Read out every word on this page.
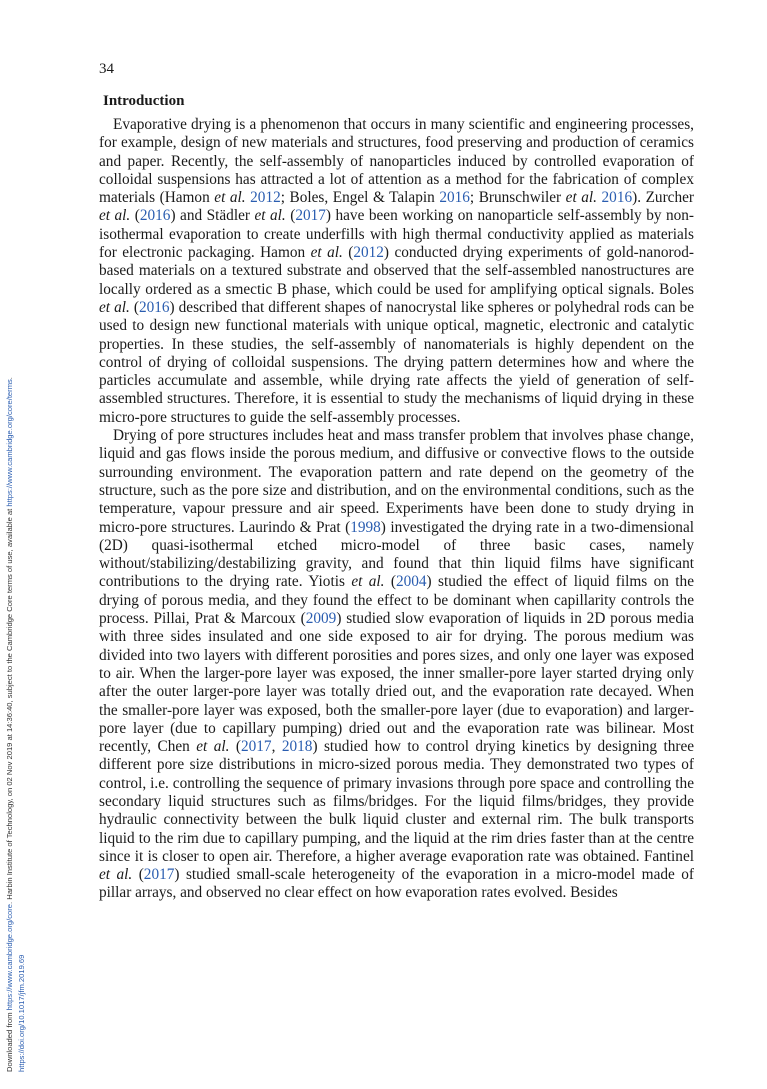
34
Introduction

Evaporative drying is a phenomenon that occurs in many scientific and engineering processes, for example, design of new materials and structures, food preserving and production of ceramics and paper. Recently, the self-assembly of nanoparticles induced by controlled evaporation of colloidal suspensions has attracted a lot of attention as a method for the fabrication of complex materials (Hamon et al. 2012; Boles, Engel & Talapin 2016; Brunschwiler et al. 2016). Zurcher et al. (2016) and Städler et al. (2017) have been working on nanoparticle self-assembly by non-isothermal evaporation to create underfills with high thermal conductivity applied as materials for electronic packaging. Hamon et al. (2012) conducted drying experiments of gold-nanorod-based materials on a textured substrate and observed that the self-assembled nanostructures are locally ordered as a smectic B phase, which could be used for amplifying optical signals. Boles et al. (2016) described that different shapes of nanocrystal like spheres or polyhedral rods can be used to design new functional materials with unique optical, magnetic, electronic and catalytic properties. In these studies, the self-assembly of nanomaterials is highly dependent on the control of drying of colloidal suspensions. The drying pattern determines how and where the particles accumulate and assemble, while drying rate affects the yield of generation of self-assembled structures. Therefore, it is essential to study the mechanisms of liquid drying in these micro-pore structures to guide the self-assembly processes.

Drying of pore structures includes heat and mass transfer problem that involves phase change, liquid and gas flows inside the porous medium, and diffusive or convective flows to the outside surrounding environment. The evaporation pattern and rate depend on the geometry of the structure, such as the pore size and distribution, and on the environmental conditions, such as the temperature, vapour pressure and air speed. Experiments have been done to study drying in micro-pore structures. Laurindo & Prat (1998) investigated the drying rate in a two-dimensional (2D) quasi-isothermal etched micro-model of three basic cases, namely without/stabilizing/destabilizing gravity, and found that thin liquid films have significant contributions to the drying rate. Yiotis et al. (2004) studied the effect of liquid films on the drying of porous media, and they found the effect to be dominant when capillarity controls the process. Pillai, Prat & Marcoux (2009) studied slow evaporation of liquids in 2D porous media with three sides insulated and one side exposed to air for drying. The porous medium was divided into two layers with different porosities and pores sizes, and only one layer was exposed to air. When the larger-pore layer was exposed, the inner smaller-pore layer started drying only after the outer larger-pore layer was totally dried out, and the evaporation rate decayed. When the smaller-pore layer was exposed, both the smaller-pore layer (due to evaporation) and larger-pore layer (due to capillary pumping) dried out and the evaporation rate was bilinear. Most recently, Chen et al. (2017, 2018) studied how to control drying kinetics by designing three different pore size distributions in micro-sized porous media. They demonstrated two types of control, i.e. controlling the sequence of primary invasions through pore space and controlling the secondary liquid structures such as films/bridges. For the liquid films/bridges, they provide hydraulic connectivity between the bulk liquid cluster and external rim. The bulk transports liquid to the rim due to capillary pumping, and the liquid at the rim dries faster than at the centre since it is closer to open air. Therefore, a higher average evaporation rate was obtained. Fantinel et al. (2017) studied small-scale heterogeneity of the evaporation in a micro-model made of pillar arrays, and observed no clear effect on how evaporation rates evolved. Besides

Downloaded from https://www.cambridge.org/core. Harbin Institute of Technology, on 02 Nov 2019 at 14:36:40, subject to the Cambridge Core terms of use, available at https://www.cambridge.org/core/terms.
https://doi.org/10.1017/jfm.2019.69
